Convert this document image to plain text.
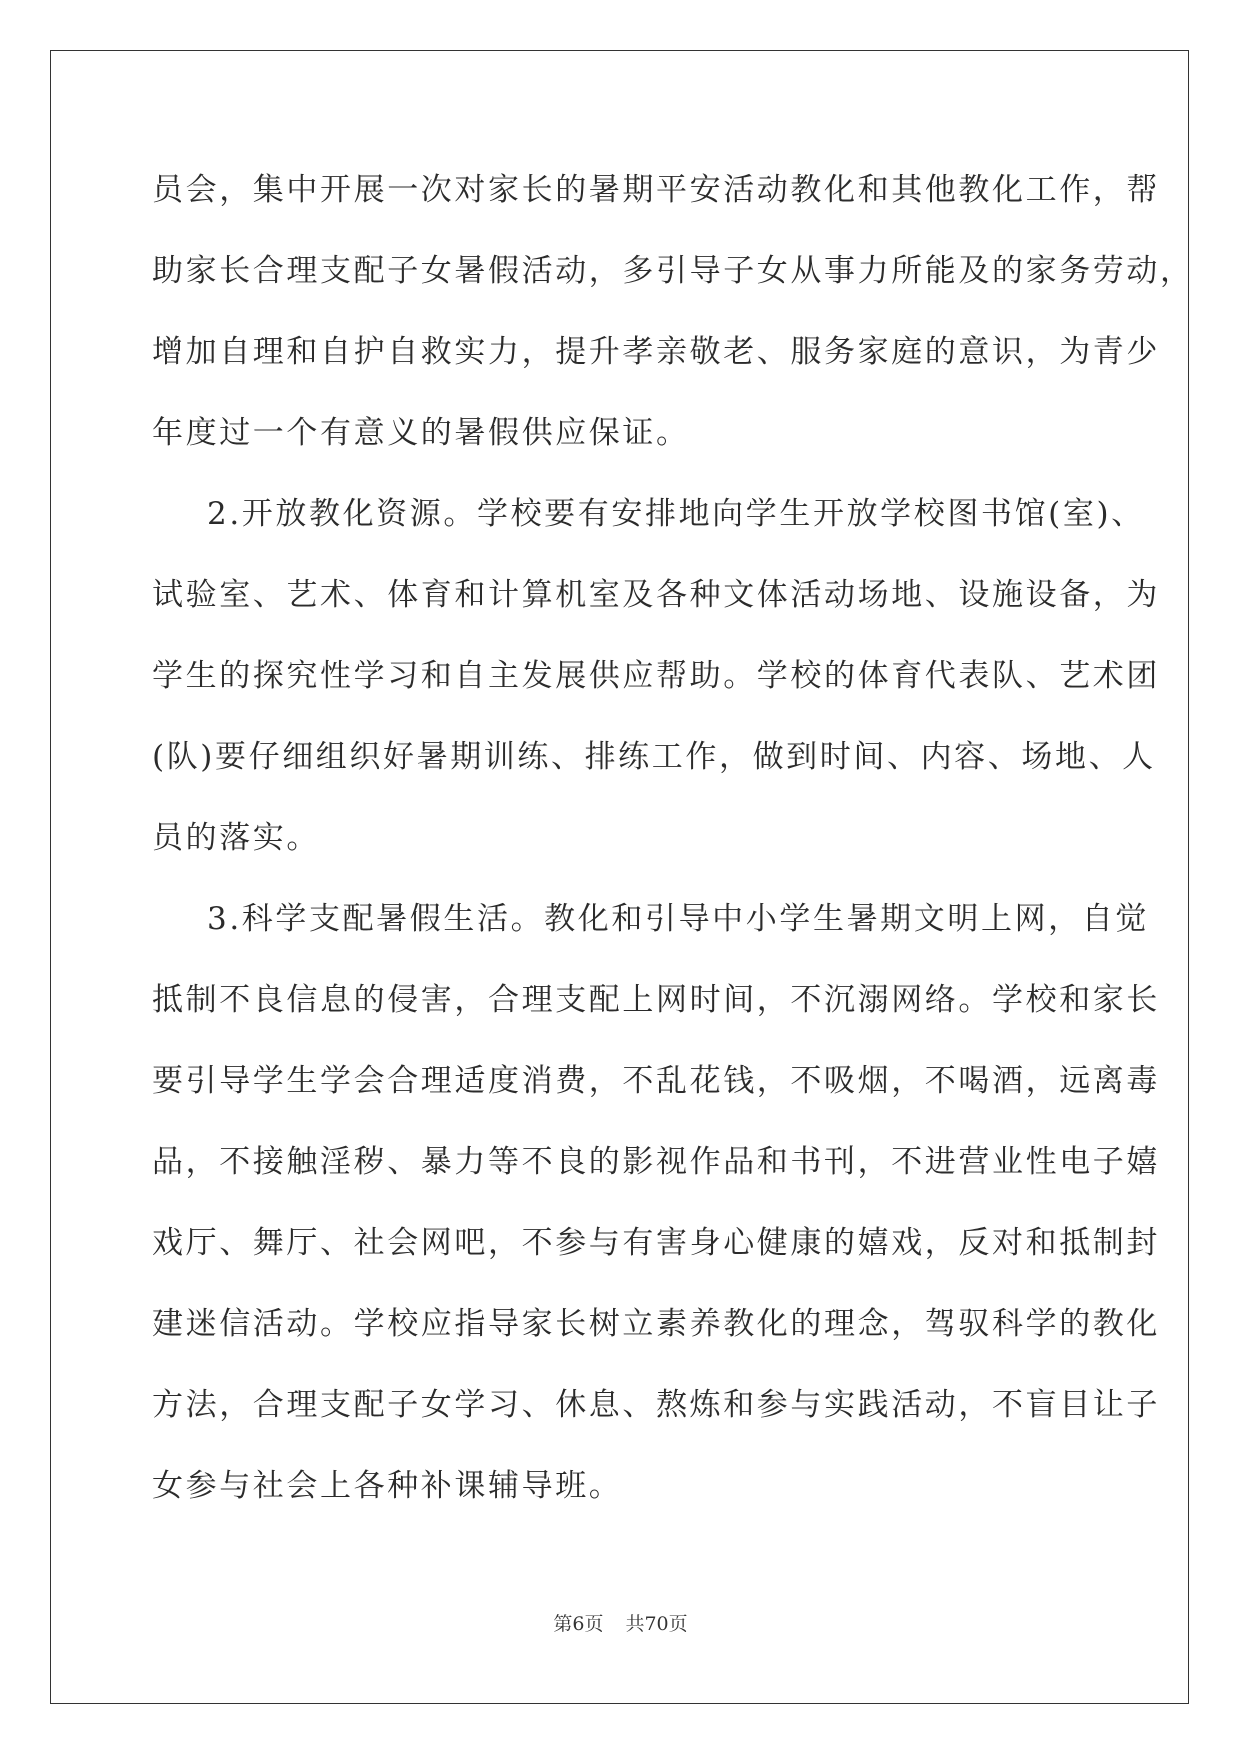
员会，集中开展一次对家长的暑期平安活动教化和其他教化工作，帮
助家长合理支配子女暑假活动，多引导子女从事力所能及的家务劳动，
增加自理和自护自救实力，提升孝亲敬老、服务家庭的意识，为青少
年度过一个有意义的暑假供应保证。
2.开放教化资源。学校要有安排地向学生开放学校图书馆(室)、
试验室、艺术、体育和计算机室及各种文体活动场地、设施设备，为
学生的探究性学习和自主发展供应帮助。学校的体育代表队、艺术团
(队)要仔细组织好暑期训练、排练工作，做到时间、内容、场地、人
员的落实。
3.科学支配暑假生活。教化和引导中小学生暑期文明上网，自觉
抵制不良信息的侵害，合理支配上网时间，不沉溺网络。学校和家长
要引导学生学会合理适度消费，不乱花钱，不吸烟，不喝酒，远离毒
品，不接触淫秽、暴力等不良的影视作品和书刊，不进营业性电子嬉
戏厅、舞厅、社会网吧，不参与有害身心健康的嬉戏，反对和抵制封
建迷信活动。学校应指导家长树立素养教化的理念，驾驭科学的教化
方法，合理支配子女学习、休息、熬炼和参与实践活动，不盲目让子
女参与社会上各种补课辅导班。
第6页 共70页
